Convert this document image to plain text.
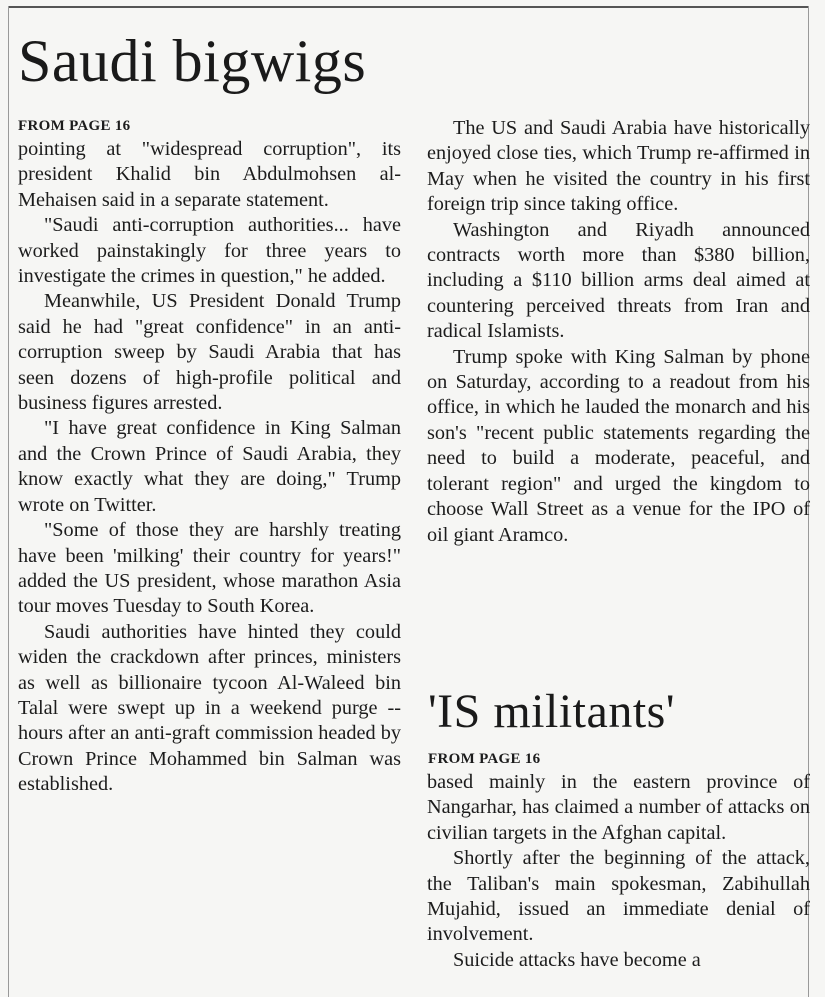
Saudi bigwigs
FROM PAGE 16

pointing at "widespread corruption", its president Khalid bin Abdulmohsen al-Mehaisen said in a separate statement.

"Saudi anti-corruption authorities... have worked painstakingly for three years to investigate the crimes in question," he added.

Meanwhile, US President Donald Trump said he had "great confidence" in an anti-corruption sweep by Saudi Arabia that has seen dozens of high-profile political and business figures arrested.

"I have great confidence in King Salman and the Crown Prince of Saudi Arabia, they know exactly what they are doing," Trump wrote on Twitter.

"Some of those they are harshly treating have been 'milking' their country for years!" added the US president, whose marathon Asia tour moves Tuesday to South Korea.

Saudi authorities have hinted they could widen the crackdown after princes, ministers as well as billionaire tycoon Al-Waleed bin Talal were swept up in a weekend purge -- hours after an anti-graft commission headed by Crown Prince Mohammed bin Salman was established.

The US and Saudi Arabia have historically enjoyed close ties, which Trump re-affirmed in May when he visited the country in his first foreign trip since taking office.

Washington and Riyadh announced contracts worth more than $380 billion, including a $110 billion arms deal aimed at countering perceived threats from Iran and radical Islamists.

Trump spoke with King Salman by phone on Saturday, according to a readout from his office, in which he lauded the monarch and his son's "recent public statements regarding the need to build a moderate, peaceful, and tolerant region" and urged the kingdom to choose Wall Street as a venue for the IPO of oil giant Aramco.

'IS militants'
FROM PAGE 16

based mainly in the eastern province of Nangarhar, has claimed a number of attacks on civilian targets in the Afghan capital.

Shortly after the beginning of the attack, the Taliban's main spokesman, Zabihullah Mujahid, issued an immediate denial of involvement.

Suicide attacks have become a
